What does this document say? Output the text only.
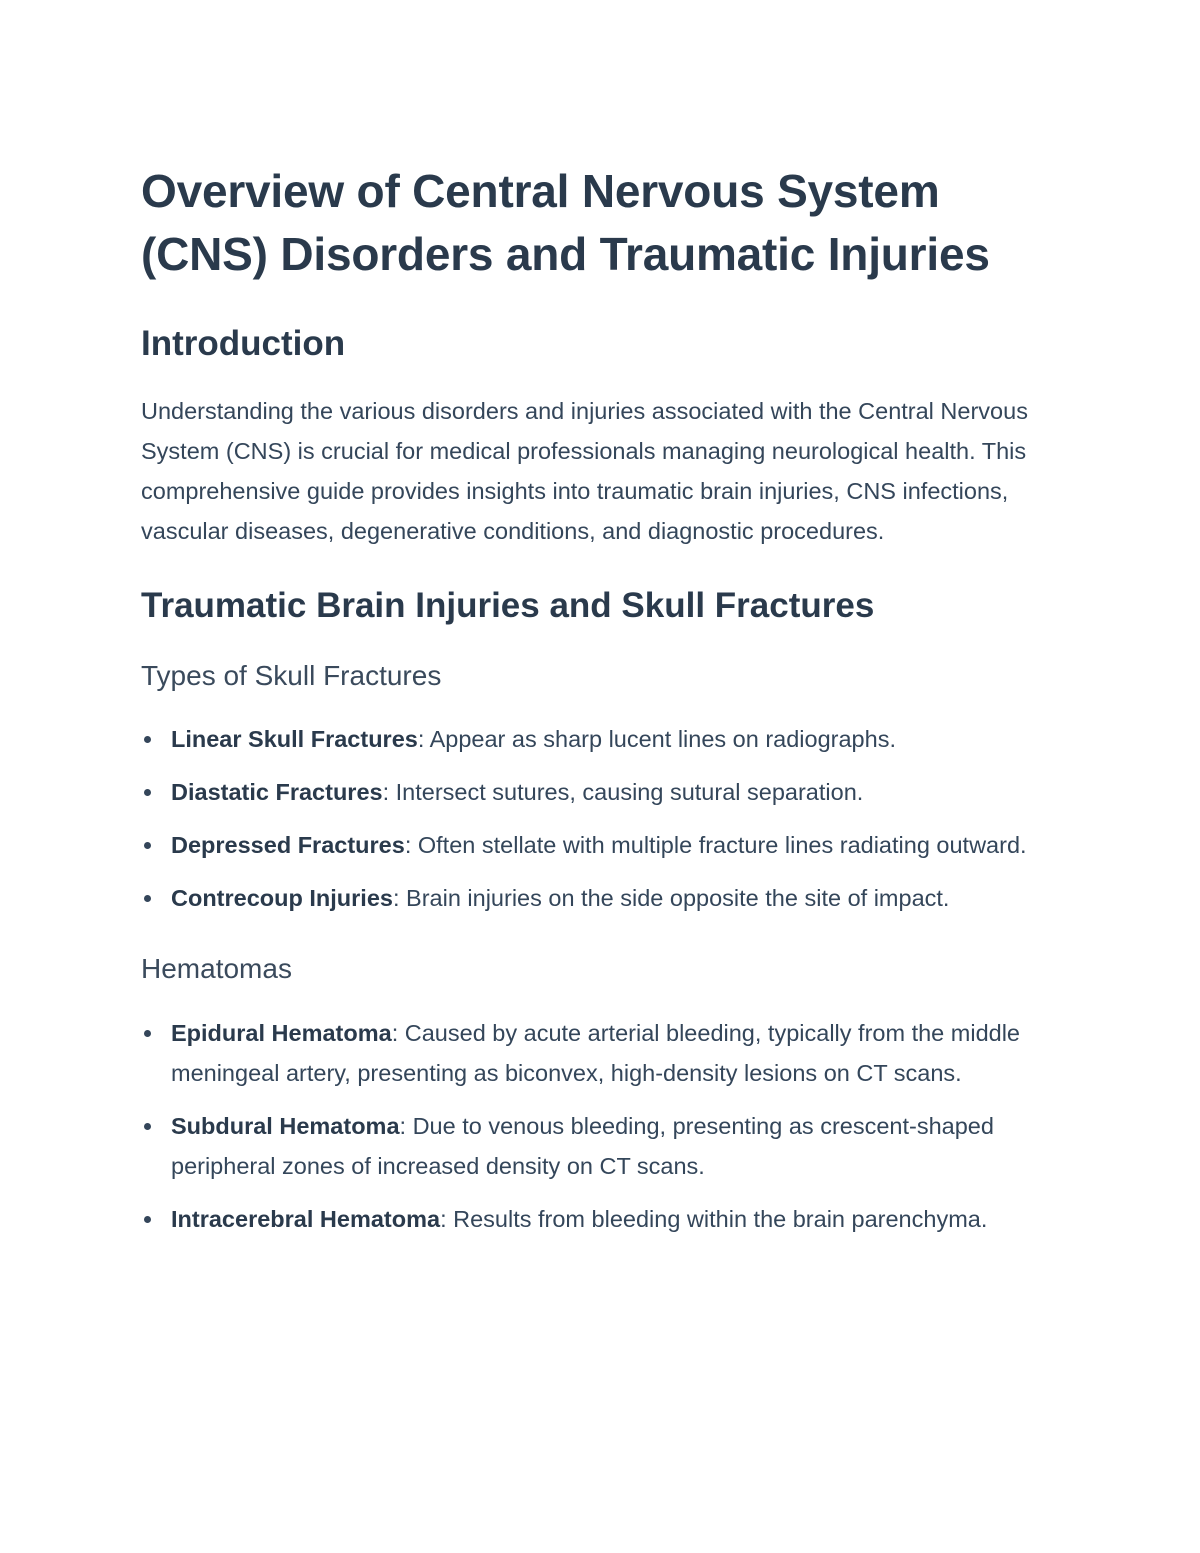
Overview of Central Nervous System (CNS) Disorders and Traumatic Injuries
Introduction

Understanding the various disorders and injuries associated with the Central Nervous System (CNS) is crucial for medical professionals managing neurological health. This comprehensive guide provides insights into traumatic brain injuries, CNS infections, vascular diseases, degenerative conditions, and diagnostic procedures.

Traumatic Brain Injuries and Skull Fractures
Types of Skull Fractures
Linear Skull Fractures: Appear as sharp lucent lines on radiographs.
Diastatic Fractures: Intersect sutures, causing sutural separation.
Depressed Fractures: Often stellate with multiple fracture lines radiating outward.
Contrecoup Injuries: Brain injuries on the side opposite the site of impact.
Hematomas
Epidural Hematoma: Caused by acute arterial bleeding, typically from the middle meningeal artery, presenting as biconvex, high-density lesions on CT scans.
Subdural Hematoma: Due to venous bleeding, presenting as crescent-shaped peripheral zones of increased density on CT scans.
Intracerebral Hematoma: Results from bleeding within the brain parenchyma.
